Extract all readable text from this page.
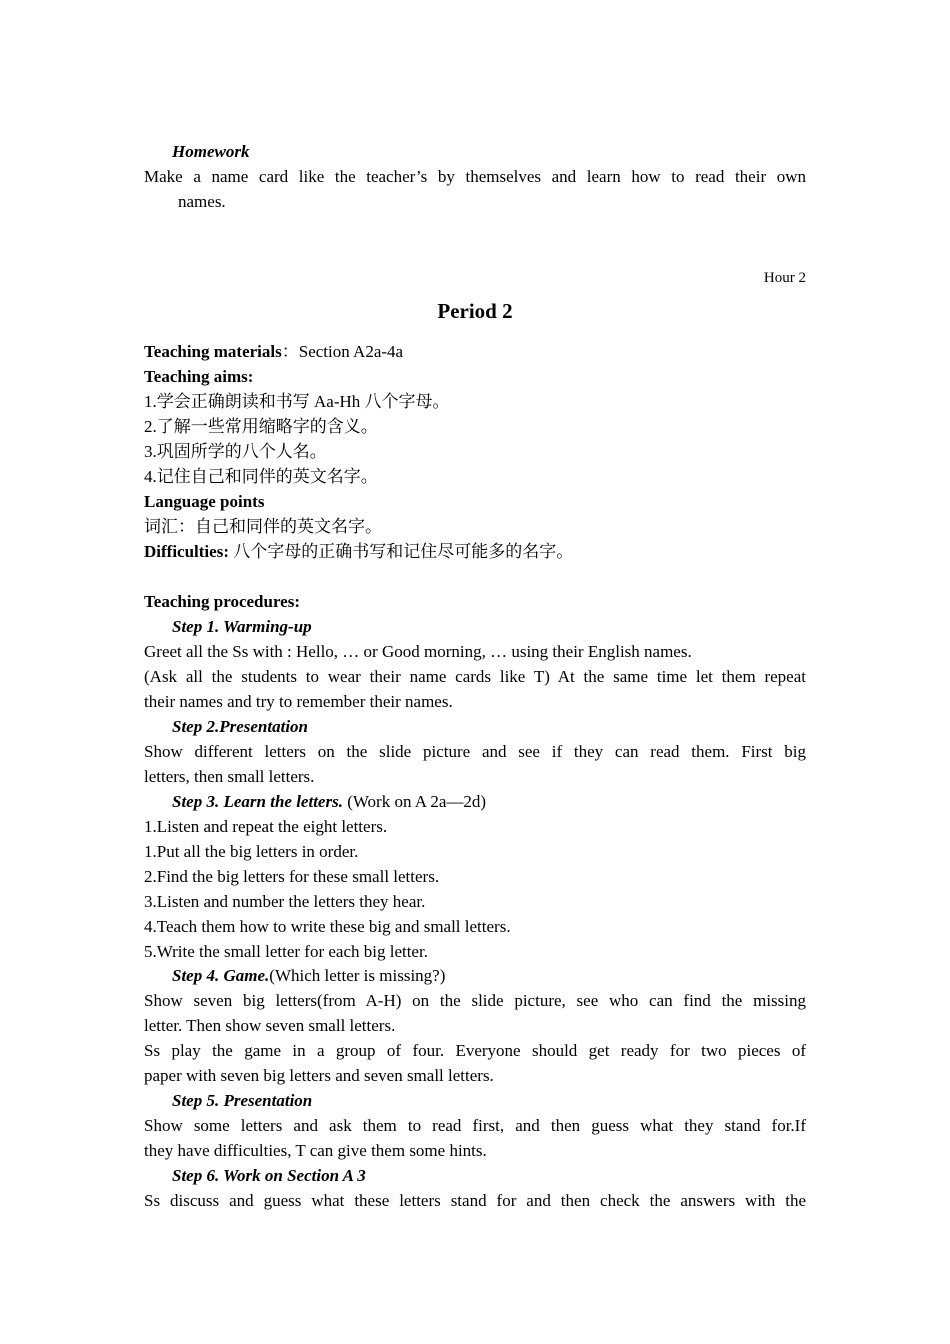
Homework
Make a name card like the teacher’s by themselves and learn how to read their own
names.
Hour 2
Period 2
Teaching materials：Section A2a-4a
Teaching aims:
1.学会正确朗读和书写 Aa-Hh 八个字母。
2.了解一些常用缩略字的含义。
3.巩固所学的八个人名。
4.记住自己和同伴的英文名字。
Language points
词汇：自己和同伴的英文名字。
Difficulties: 八个字母的正确书写和记住尽可能多的名字。
Teaching procedures:
Step 1. Warming-up
Greet all the Ss with : Hello, … or Good morning, … using their English names.
(Ask all the students to wear their name cards like T) At the same time let them repeat
their names and try to remember their names.
Step 2.Presentation
Show different letters on the slide picture and see if they can read them. First big
letters, then small letters.
Step 3. Learn the letters. (Work on A 2a—2d)
1.Listen and repeat the eight letters.
1.Put all the big letters in order.
2.Find the big letters for these small letters.
3.Listen and number the letters they hear.
4.Teach them how to write these big and small letters.
5.Write the small letter for each big letter.
Step 4. Game.(Which letter is missing?)
Show seven big letters(from A-H) on the slide picture, see who can find the missing
letter. Then show seven small letters.
Ss play the game in a group of four. Everyone should get ready for two pieces of
paper with seven big letters and seven small letters.
Step 5. Presentation
Show some letters and ask them to read first, and then guess what they stand for.If
they have difficulties, T can give them some hints.
Step 6. Work on Section A 3
Ss discuss and guess what these letters stand for and then check the answers with the
